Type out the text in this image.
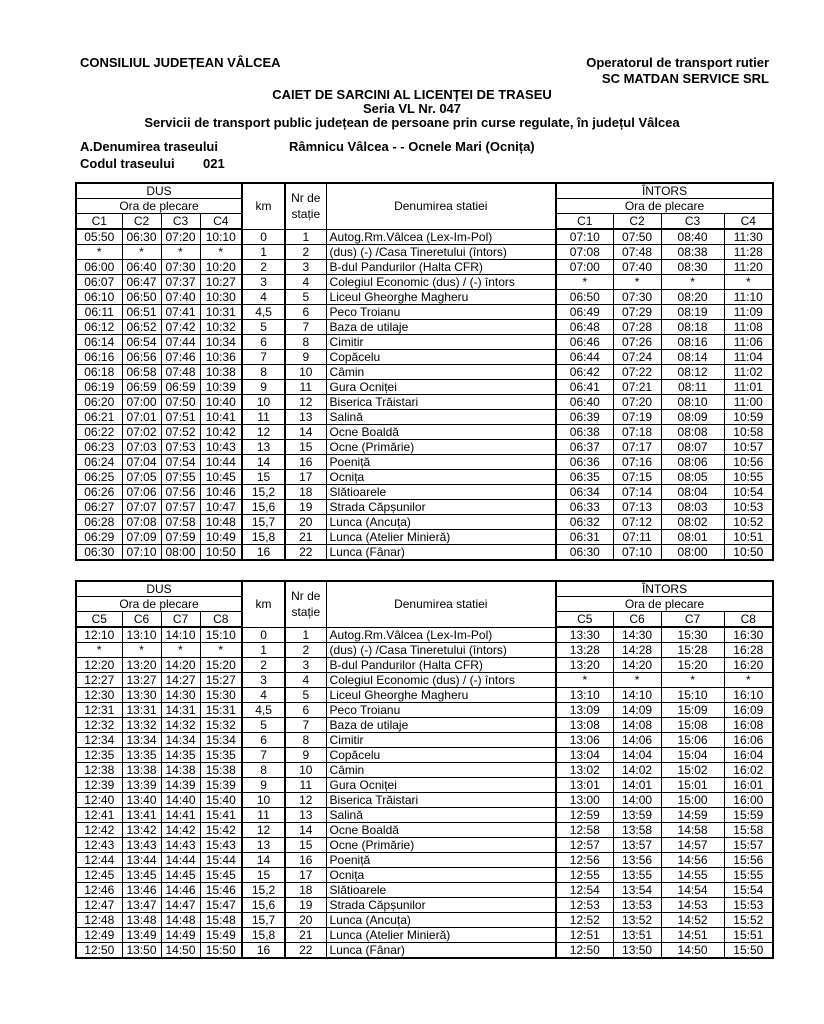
CONSILIUL JUDEȚEAN VÂLCEA	Operatorul de transport rutier
SC MATDAN SERVICE SRL
CAIET DE SARCINI AL LICENȚEI DE TRASEU
Seria VL Nr. 047
Servicii de transport public județean de persoane prin curse regulate, în județul Vâlcea
A.Denumirea traseului	Râmnicu Vâlcea - - Ocnele Mari (Ocnița)
Codul traseului 021
DUS				km	Nr de stație	Denumirea statiei	ÎNTORS			
Ora de plecare							Ora de plecare			
C1	C2	C3	C4				C1	C2	C3	C4
05:50	06:30	07:20	10:10	0	1	Autog.Rm.Vâlcea (Lex-Im-Pol)	07:10	07:50	08:40	11:30
*	*	*	*	1	2	(dus) (-) /Casa Tineretului (întors)	07:08	07:48	08:38	11:28
06:00	06:40	07:30	10:20	2	3	B-dul Pandurilor (Halta CFR)	07:00	07:40	08:30	11:20
06:07	06:47	07:37	10:27	3	4	Colegiul Economic (dus) / (-) întors	*	*	*	*
06:10	06:50	07:40	10:30	4	5	Liceul Gheorghe Magheru	06:50	07:30	08:20	11:10
06:11	06:51	07:41	10:31	4,5	6	Peco Troianu	06:49	07:29	08:19	11:09
06:12	06:52	07:42	10:32	5	7	Baza de utilaje	06:48	07:28	08:18	11:08
06:14	06:54	07:44	10:34	6	8	Cimitir	06:46	07:26	08:16	11:06
06:16	06:56	07:46	10:36	7	9	Copăcelu	06:44	07:24	08:14	11:04
06:18	06:58	07:48	10:38	8	10	Câmin	06:42	07:22	08:12	11:02
06:19	06:59	06:59	10:39	9	11	Gura Ocniței	06:41	07:21	08:11	11:01
06:20	07:00	07:50	10:40	10	12	Biserica Trăistari	06:40	07:20	08:10	11:00
06:21	07:01	07:51	10:41	11	13	Salină	06:39	07:19	08:09	10:59
06:22	07:02	07:52	10:42	12	14	Ocne Boaldă	06:38	07:18	08:08	10:58
06:23	07:03	07:53	10:43	13	15	Ocne (Primărie)	06:37	07:17	08:07	10:57
06:24	07:04	07:54	10:44	14	16	Poeniță	06:36	07:16	08:06	10:56
06:25	07:05	07:55	10:45	15	17	Ocnița	06:35	07:15	08:05	10:55
06:26	07:06	07:56	10:46	15,2	18	Slătioarele	06:34	07:14	08:04	10:54
06:27	07:07	07:57	10:47	15,6	19	Strada Căpșunilor	06:33	07:13	08:03	10:53
06:28	07:08	07:58	10:48	15,7	20	Lunca (Ancuța)	06:32	07:12	08:02	10:52
06:29	07:09	07:59	10:49	15,8	21	Lunca (Atelier Minieră)	06:31	07:11	08:01	10:51
06:30	07:10	08:00	10:50	16	22	Lunca (Fânar)	06:30	07:10	08:00	10:50
DUS				km	Nr de stație	Denumirea statiei	ÎNTORS			
Ora de plecare							Ora de plecare			
C5	C6	C7	C8				C5	C6	C7	C8
12:10	13:10	14:10	15:10	0	1	Autog.Rm.Vâlcea (Lex-Im-Pol)	13:30	14:30	15:30	16:30
*	*	*	*	1	2	(dus) (-) /Casa Tineretului (întors)	13:28	14:28	15:28	16:28
12:20	13:20	14:20	15:20	2	3	B-dul Pandurilor (Halta CFR)	13:20	14:20	15:20	16:20
12:27	13:27	14:27	15:27	3	4	Colegiul Economic (dus) / (-) întors	*	*	*	*
12:30	13:30	14:30	15:30	4	5	Liceul Gheorghe Magheru	13:10	14:10	15:10	16:10
12:31	13:31	14:31	15:31	4,5	6	Peco Troianu	13:09	14:09	15:09	16:09
12:32	13:32	14:32	15:32	5	7	Baza de utilaje	13:08	14:08	15:08	16:08
12:34	13:34	14:34	15:34	6	8	Cimitir	13:06	14:06	15:06	16:06
12:35	13:35	14:35	15:35	7	9	Copăcelu	13:04	14:04	15:04	16:04
12:38	13:38	14:38	15:38	8	10	Câmin	13:02	14:02	15:02	16:02
12:39	13:39	14:39	15:39	9	11	Gura Ocniței	13:01	14:01	15:01	16:01
12:40	13:40	14:40	15:40	10	12	Biserica Trăistari	13:00	14:00	15:00	16:00
12:41	13:41	14:41	15:41	11	13	Salină	12:59	13:59	14:59	15:59
12:42	13:42	14:42	15:42	12	14	Ocne Boaldă	12:58	13:58	14:58	15:58
12:43	13:43	14:43	15:43	13	15	Ocne (Primărie)	12:57	13:57	14:57	15:57
12:44	13:44	14:44	15:44	14	16	Poeniță	12:56	13:56	14:56	15:56
12:45	13:45	14:45	15:45	15	17	Ocnița	12:55	13:55	14:55	15:55
12:46	13:46	14:46	15:46	15,2	18	Slătioarele	12:54	13:54	14:54	15:54
12:47	13:47	14:47	15:47	15,6	19	Strada Căpșunilor	12:53	13:53	14:53	15:53
12:48	13:48	14:48	15:48	15,7	20	Lunca (Ancuța)	12:52	13:52	14:52	15:52
12:49	13:49	14:49	15:49	15,8	21	Lunca (Atelier Minieră)	12:51	13:51	14:51	15:51
12:50	13:50	14:50	15:50	16	22	Lunca (Fânar)	12:50	13:50	14:50	15:50
